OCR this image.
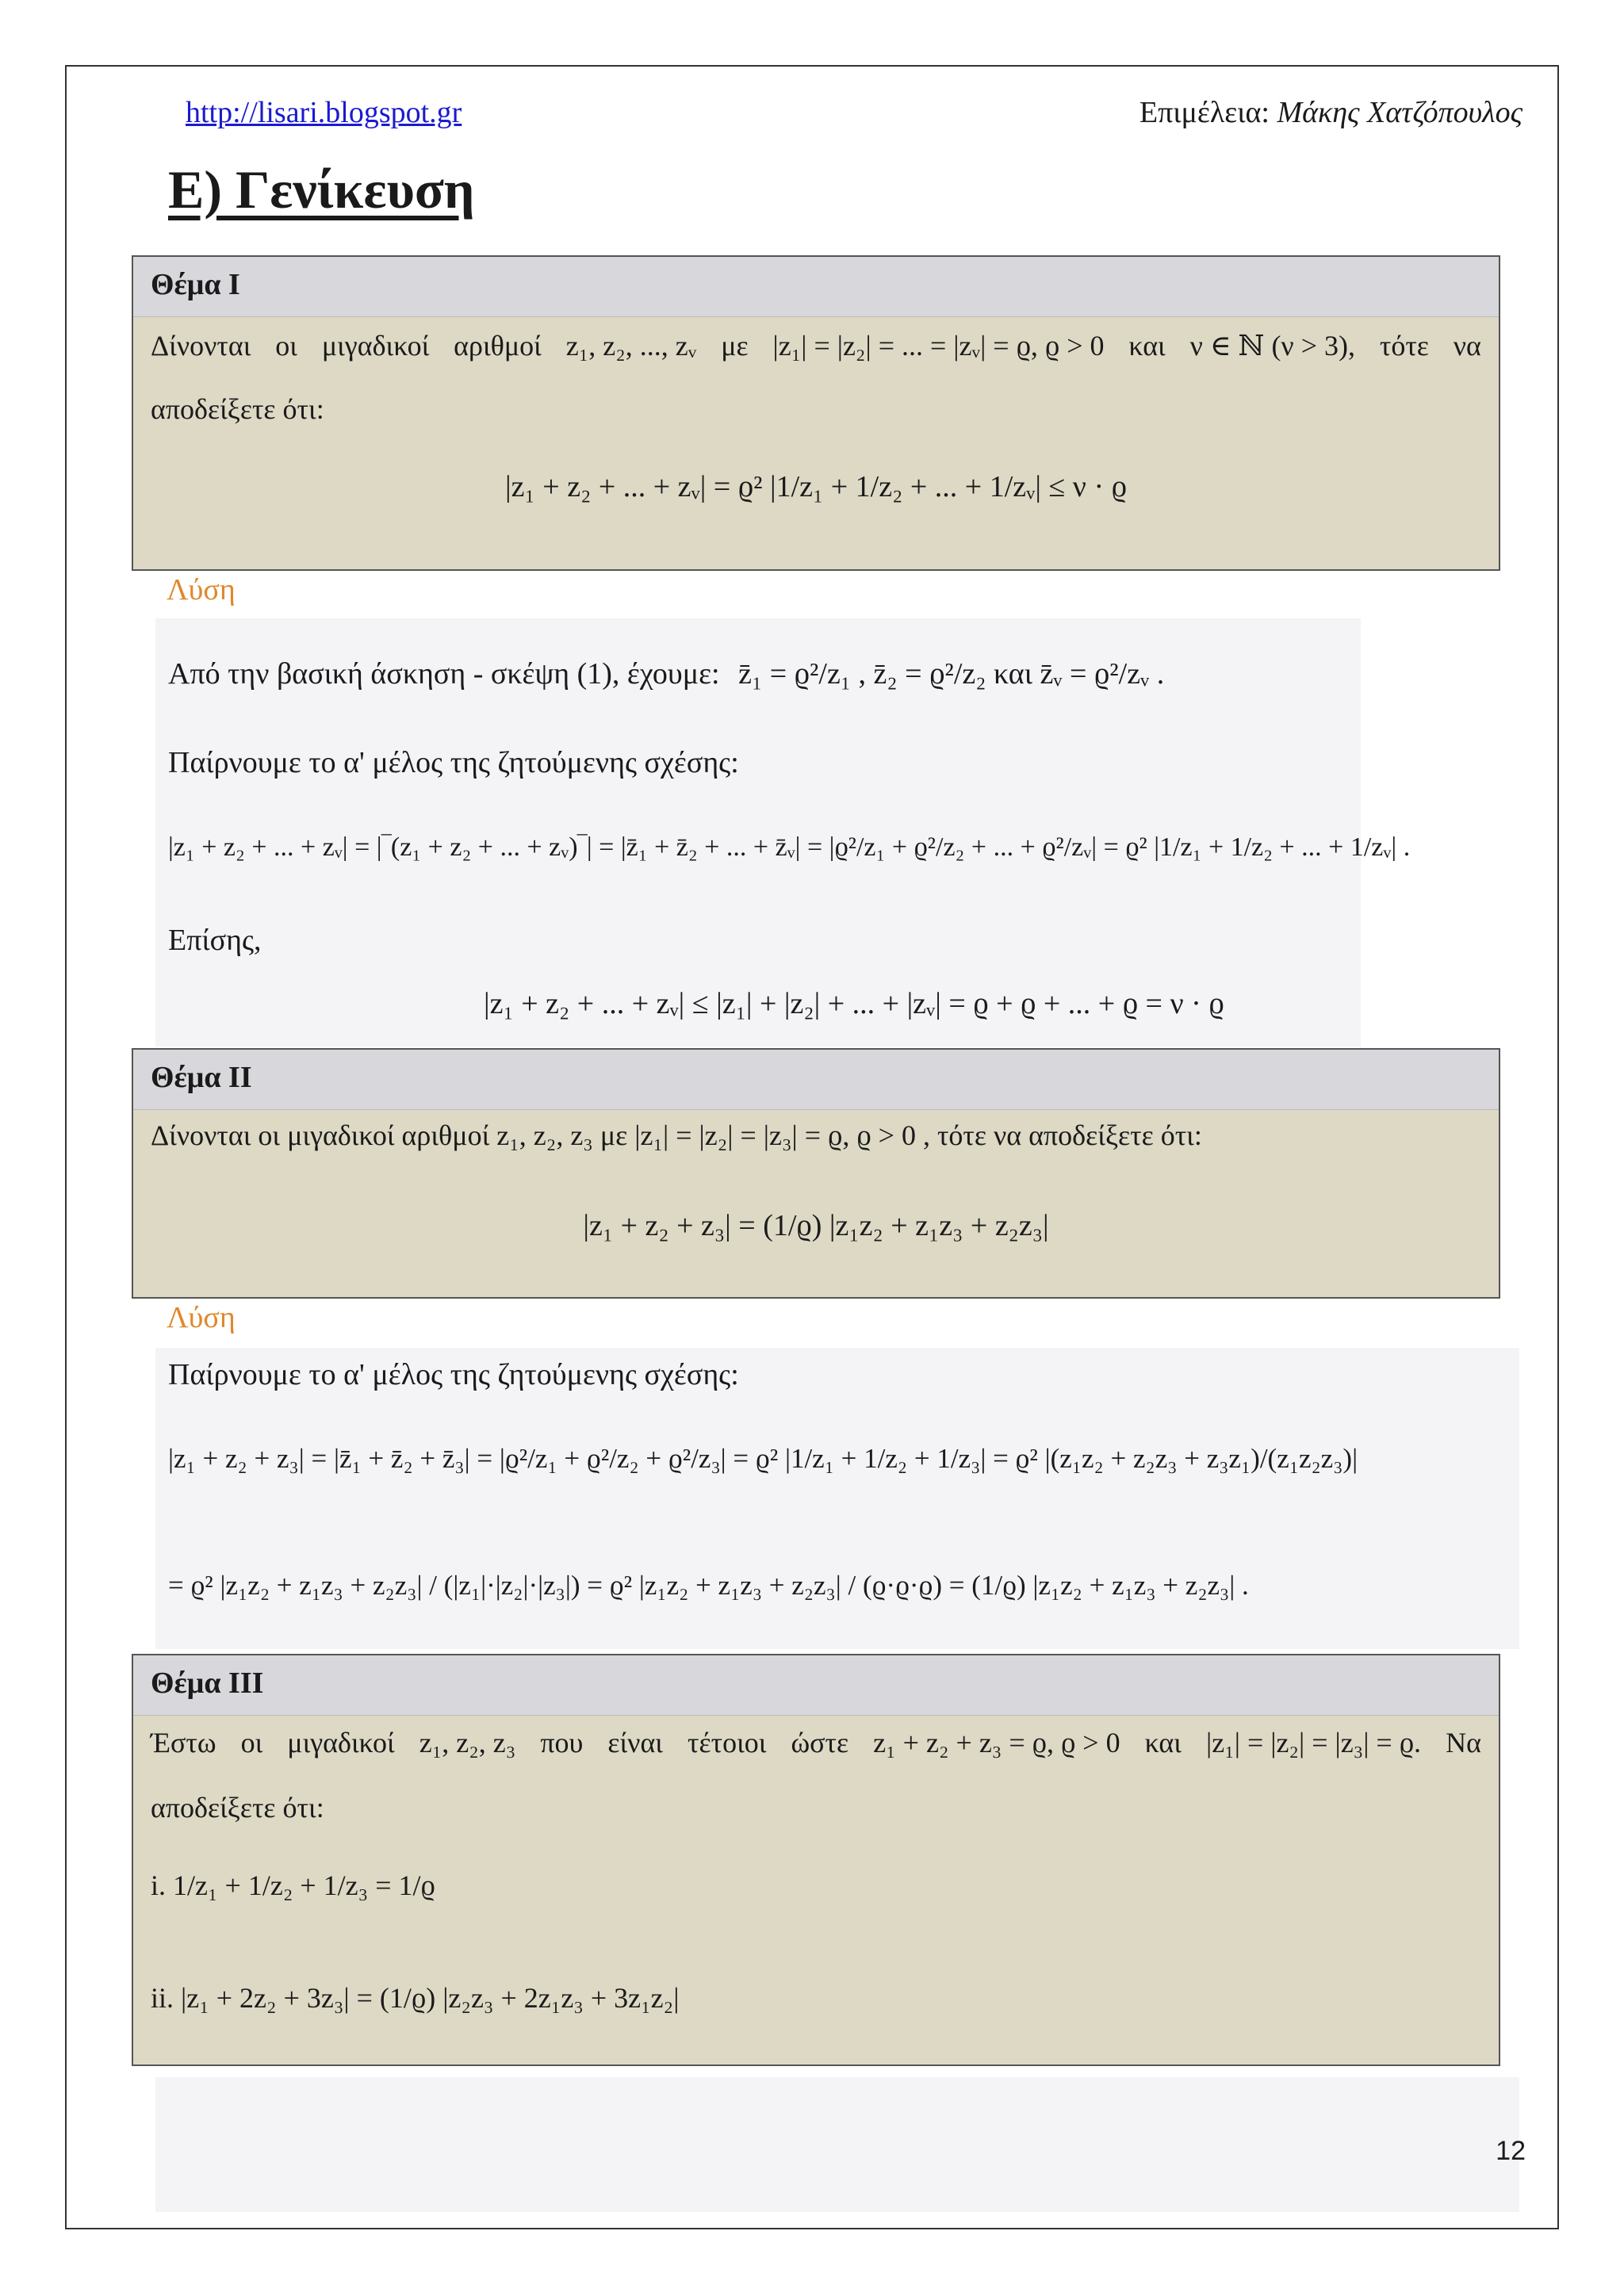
http://lisari.blogspot.gr	Επιμέλεια: Μάκης Χατζόπουλος
Ε) Γενίκευση
Θέμα I
Δίνονται οι μιγαδικοί αριθμοί z₁, z₂, ..., zᵥ με |z₁| = |z₂| = ... = |zᵥ| = ϱ, ϱ > 0 και ν ∈ ℕ (ν > 3), τότε να
αποδείξετε ότι:
|z₁ + z₂ + ... + zᵥ| = ϱ² |1/z₁ + 1/z₂ + ... + 1/zᵥ| ≤ ν · ϱ
Λύση
Από την βασική άσκηση - σκέψη (1), έχουμε: z̄₁ = ϱ²/z₁ , z̄₂ = ϱ²/z₂ και z̄ᵥ = ϱ²/zᵥ .
Παίρνουμε το α' μέλος της ζητούμενης σχέσης:
|z₁ + z₂ + ... + zᵥ| = |‾(z₁ + z₂ + ... + zᵥ)‾| = |z̄₁ + z̄₂ + ... + z̄ᵥ| = |ϱ²/z₁ + ϱ²/z₂ + ... + ϱ²/zᵥ| = ϱ² |1/z₁ + 1/z₂ + ... + 1/zᵥ| .
Επίσης,
|z₁ + z₂ + ... + zᵥ| ≤ |z₁| + |z₂| + ... + |zᵥ| = ϱ + ϱ + ... + ϱ = ν · ϱ
Θέμα II
Δίνονται οι μιγαδικοί αριθμοί z₁, z₂, z₃ με |z₁| = |z₂| = |z₃| = ϱ, ϱ > 0 , τότε να αποδείξετε ότι:
|z₁ + z₂ + z₃| = (1/ϱ) |z₁z₂ + z₁z₃ + z₂z₃|
Λύση
Παίρνουμε το α' μέλος της ζητούμενης σχέσης:
|z₁ + z₂ + z₃| = |z̄₁ + z̄₂ + z̄₃| = |ϱ²/z₁ + ϱ²/z₂ + ϱ²/z₃| = ϱ² |1/z₁ + 1/z₂ + 1/z₃| = ϱ² |(z₁z₂ + z₂z₃ + z₃z₁)/(z₁z₂z₃)|
= ϱ² |z₁z₂ + z₁z₃ + z₂z₃| / (|z₁|·|z₂|·|z₃|) = ϱ² |z₁z₂ + z₁z₃ + z₂z₃| / (ϱ·ϱ·ϱ) = (1/ϱ) |z₁z₂ + z₁z₃ + z₂z₃| .
Θέμα III
Έστω οι μιγαδικοί z₁, z₂, z₃ που είναι τέτοιοι ώστε z₁ + z₂ + z₃ = ϱ, ϱ > 0 και |z₁| = |z₂| = |z₃| = ϱ. Να
αποδείξετε ότι:
i. 1/z₁ + 1/z₂ + 1/z₃ = 1/ϱ
ii. |z₁ + 2z₂ + 3z₃| = (1/ϱ) |z₂z₃ + 2z₁z₃ + 3z₁z₂|
12
